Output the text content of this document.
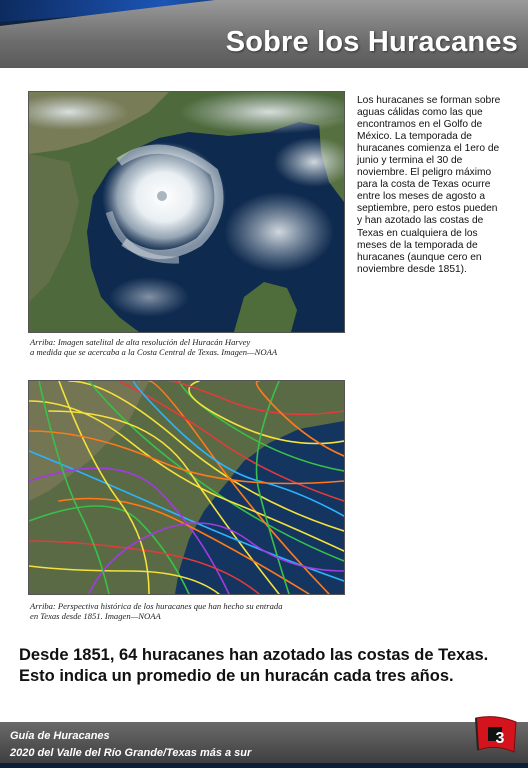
Sobre los Huracanes
Arriba: Imagen satelital de alta resolución del Huracán Harvey
a medida que se acercaba a la Costa Central de Texas. Imagen—NOAA
Los huracanes se forman sobre aguas cálidas como las que encontramos en el Golfo de México. La temporada de huracanes comienza el 1ero de junio y termina el 30 de noviembre. El peligro máximo para la costa de Texas ocurre entre los meses de agosto a septiembre, pero estos pueden y han azotado las costas de Texas en cualquiera de los meses de la temporada de huracanes (aunque cero en noviembre desde 1851).
Arriba: Perspectiva histórica de los huracanes que han hecho su entrada en Texas desde 1851. Imagen—NOAA
Desde 1851, 64 huracanes han azotado las costas de Texas. Esto indica un promedio de un huracán cada tres años.
Guía de Huracanes
2020 del Valle del Río Grande/Texas más a sur
3
